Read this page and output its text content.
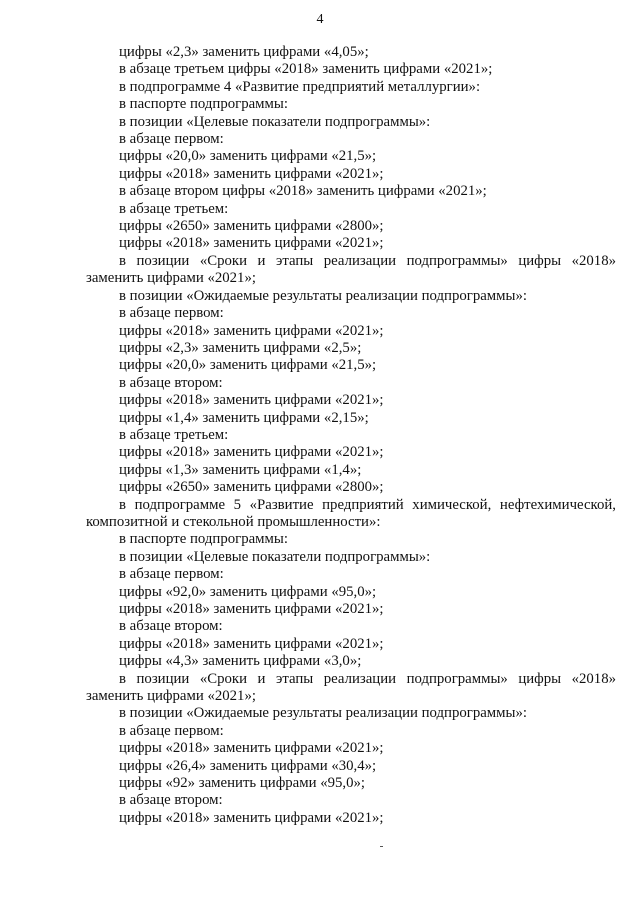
4

цифры «2,3» заменить цифрами «4,05»;

в абзаце третьем цифры «2018» заменить цифрами «2021»;

в подпрограмме 4 «Развитие предприятий металлургии»:

в паспорте подпрограммы:

в позиции «Целевые показатели подпрограммы»:

в абзаце первом:

цифры «20,0» заменить цифрами «21,5»;

цифры «2018» заменить цифрами «2021»;

в абзаце втором цифры «2018» заменить цифрами «2021»;

в абзаце третьем:

цифры «2650» заменить цифрами «2800»;

цифры «2018» заменить цифрами «2021»;

в позиции «Сроки и этапы реализации подпрограммы» цифры «2018»

заменить цифрами «2021»;

в позиции «Ожидаемые результаты реализации подпрограммы»:

в абзаце первом:

цифры «2018» заменить цифрами «2021»;

цифры «2,3» заменить цифрами «2,5»;

цифры «20,0» заменить цифрами «21,5»;

в абзаце втором:

цифры «2018» заменить цифрами «2021»;

цифры «1,4» заменить цифрами «2,15»;

в абзаце третьем:

цифры «2018» заменить цифрами «2021»;

цифры «1,3» заменить цифрами «1,4»;

цифры «2650» заменить цифрами «2800»;

в подпрограмме 5 «Развитие предприятий химической, нефтехимической,

композитной и стекольной промышленности»:

в паспорте подпрограммы:

в позиции «Целевые показатели подпрограммы»:

в абзаце первом:

цифры «92,0» заменить цифрами «95,0»;

цифры «2018» заменить цифрами «2021»;

в абзаце втором:

цифры «2018» заменить цифрами «2021»;

цифры «4,3» заменить цифрами «3,0»;

в позиции «Сроки и этапы реализации подпрограммы» цифры «2018»

заменить цифрами «2021»;

в позиции «Ожидаемые результаты реализации подпрограммы»:

в абзаце первом:

цифры «2018» заменить цифрами «2021»;

цифры «26,4» заменить цифрами «30,4»;

цифры «92» заменить цифрами «95,0»;

в абзаце втором:

цифры «2018» заменить цифрами «2021»;
